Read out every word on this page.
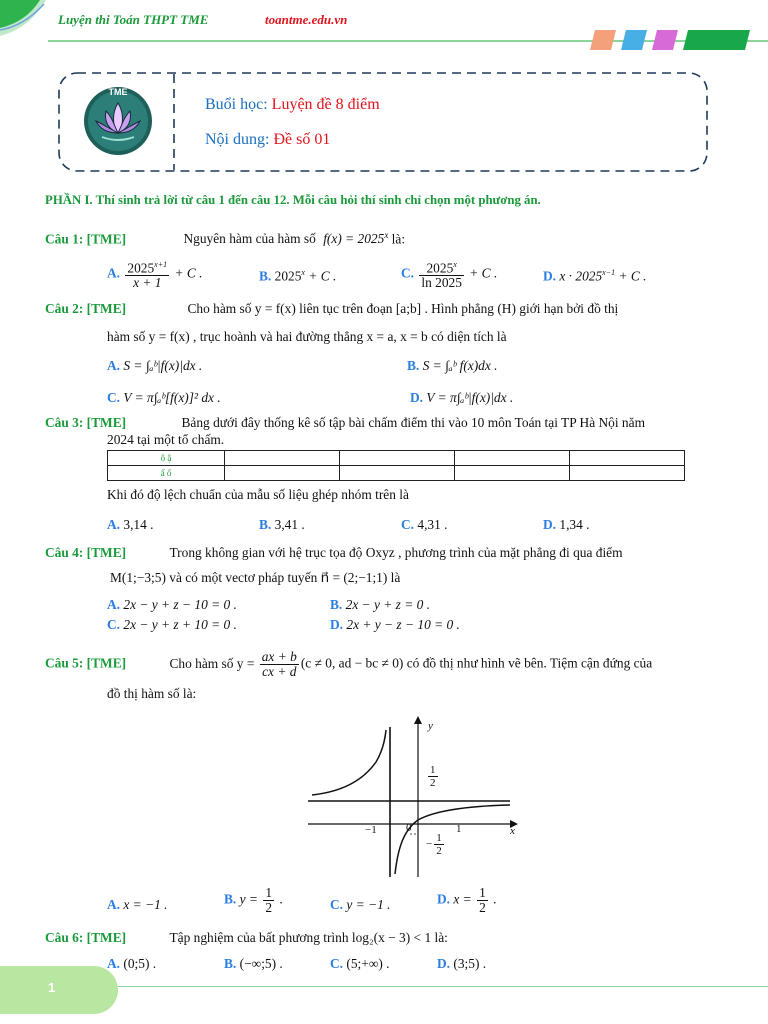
Luyện thi Toán THPT TME	toantme.edu.vn
TME
Buổi học: Luyện đề 8 điểm
Nội dung: Đề số 01
PHẦN I. Thí sinh trả lời từ câu 1 đến câu 12. Mỗi câu hỏi thí sinh chỉ chọn một phương án.
Câu 1: [TME]	Nguyên hàm của hàm số $f(x) = 2025^x$ là:
A. $\frac{2025^{x+1}}{x + 1} + C$ .	B. $2025^x + C$ .	C. $\frac{2025^x}{\ln 2025} + C$ .	D. $x \cdot 2025^{x-1} + C$ .
Câu 2: [TME]	Cho hàm số y = f(x) liên tục trên đoạn [a;b] . Hình phẳng (H) giới hạn bởi đồ thị
hàm số y = f(x) , trục hoành và hai đường thẳng x = a, x = b có diện tích là
A. S = ∫ₐᵇ|f(x)|dx .	B. S = ∫ₐᵇ f(x)dx .
C. V = π∫ₐᵇ[f(x)]² dx .	D. V = π∫ₐᵇ|f(x)|dx .
Câu 3: [TME]	Bảng dưới đây thống kê số tập bài chấm điểm thi vào 10 môn Toán tại TP Hà Nội năm
2024 tại một tổ chấm.
ô ậ				
ấ ố				
Khi đó độ lệch chuẩn của mẫu số liệu ghép nhóm trên là
A. 3,14 .	B. 3,41 .	C. 4,31 .	D. 1,34 .
Câu 4: [TME]	Trong không gian với hệ trục tọa độ Oxyz , phương trình của mặt phẳng đi qua điểm
M(1;−3;5) và có một vectơ pháp tuyến n⃗ = (2;−1;1) là
A. 2x − y + z − 10 = 0 .	B. 2x − y + z = 0 .
C. 2x − y + z + 10 = 0 .	D. 2x + y − z − 10 = 0 .
Câu 5: [TME]	Cho hàm số $y = \frac{ax + b}{cx + d} (c \ne 0$, ad − bc ≠ 0) có đồ thị như hình vẽ bên. Tiệm cận đứng của
đồ thị hàm số là:
y
x
$\frac{1}{2}$
−1	0	1
− $\frac{1}{2}$
A. x = −1 .	B. $y = \frac{1}{2}$ .	C. y = −1 .	D. $x = \frac{1}{2}$ .
Câu 6: [TME]	Tập nghiệm của bất phương trình log₂(x − 3) < 1 là:
A. (0;5) .	B. (−∞;5) .	C. (5;+∞) .	D. (3;5) .
1
